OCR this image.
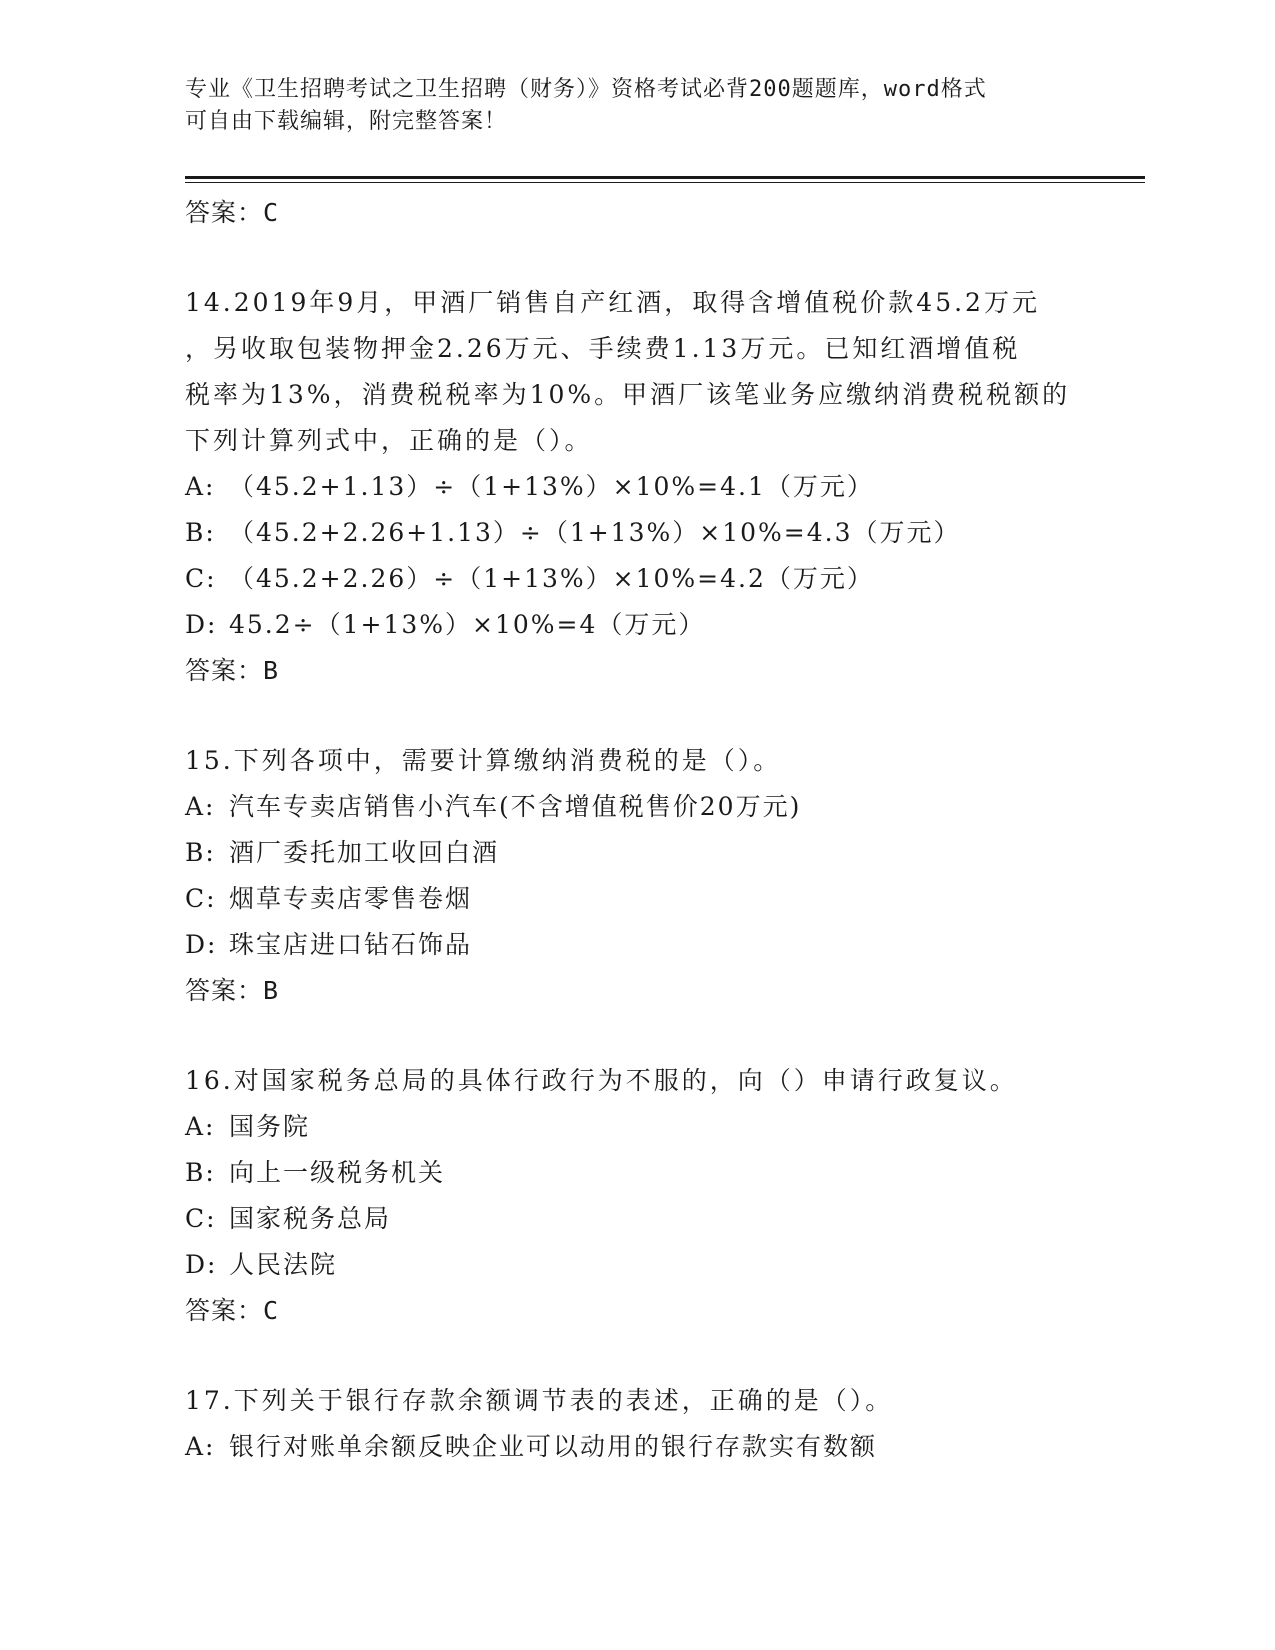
专业《卫生招聘考试之卫生招聘（财务）》资格考试必背200题题库，word格式
可自由下载编辑，附完整答案！
答案：C
14.2019年9月，甲酒厂销售自产红酒，取得含增值税价款45.2万元
，另收取包装物押金2.26万元、手续费1.13万元。已知红酒增值税
税率为13%，消费税税率为10%。甲酒厂该笔业务应缴纳消费税税额的
下列计算列式中，正确的是（）。
A: （45.2+1.13）÷（1+13%）×10%=4.1（万元）
B: （45.2+2.26+1.13）÷（1+13%）×10%=4.3（万元）
C: （45.2+2.26）÷（1+13%）×10%=4.2（万元）
D: 45.2÷（1+13%）×10%=4（万元）
答案：B
15.下列各项中，需要计算缴纳消费税的是（）。
A: 汽车专卖店销售小汽车(不含增值税售价20万元)
B: 酒厂委托加工收回白酒
C: 烟草专卖店零售卷烟
D: 珠宝店进口钻石饰品
答案：B
16.对国家税务总局的具体行政行为不服的，向（）申请行政复议。
A: 国务院
B: 向上一级税务机关
C: 国家税务总局
D: 人民法院
答案：C
17.下列关于银行存款余额调节表的表述，正确的是（）。
A: 银行对账单余额反映企业可以动用的银行存款实有数额
